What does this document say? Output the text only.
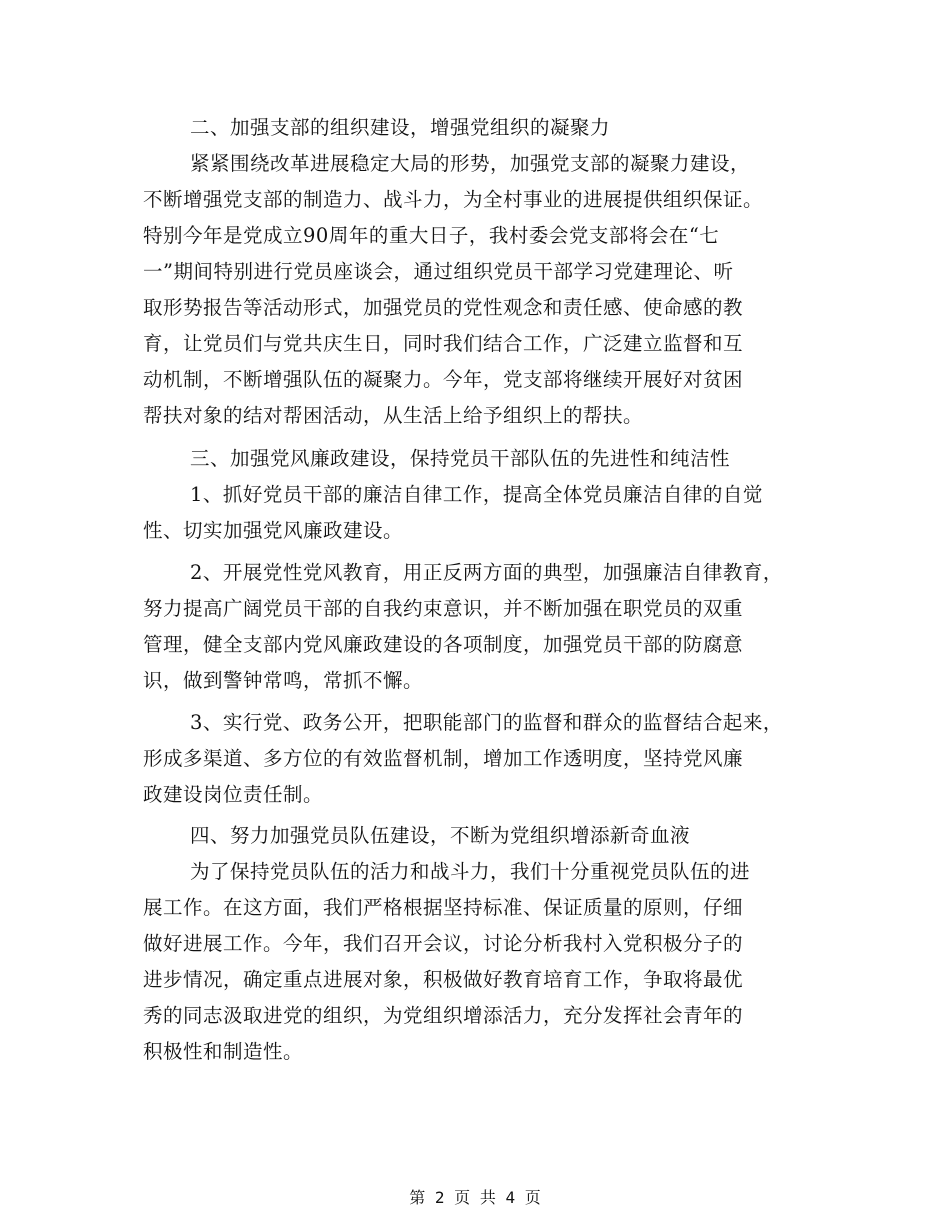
二、加强支部的组织建设，增强党组织的凝聚力
紧紧围绕改革进展稳定大局的形势，加强党支部的凝聚力建设，
不断增强党支部的制造力、战斗力，为全村事业的进展提供组织保证。
特别今年是党成立90周年的重大日子，我村委会党支部将会在“七
一”期间特别进行党员座谈会，通过组织党员干部学习党建理论、听
取形势报告等活动形式，加强党员的党性观念和责任感、使命感的教
育，让党员们与党共庆生日，同时我们结合工作，广泛建立监督和互
动机制，不断增强队伍的凝聚力。今年，党支部将继续开展好对贫困
帮扶对象的结对帮困活动，从生活上给予组织上的帮扶。
三、加强党风廉政建设，保持党员干部队伍的先进性和纯洁性
1、抓好党员干部的廉洁自律工作，提高全体党员廉洁自律的自觉
性、切实加强党风廉政建设。
2、开展党性党风教育，用正反两方面的典型，加强廉洁自律教育，
努力提高广阔党员干部的自我约束意识，并不断加强在职党员的双重
管理，健全支部内党风廉政建设的各项制度，加强党员干部的防腐意
识，做到警钟常鸣，常抓不懈。
3、实行党、政务公开，把职能部门的监督和群众的监督结合起来，
形成多渠道、多方位的有效监督机制，增加工作透明度，坚持党风廉
政建设岗位责任制。
四、努力加强党员队伍建设，不断为党组织增添新奇血液
为了保持党员队伍的活力和战斗力，我们十分重视党员队伍的进
展工作。在这方面，我们严格根据坚持标准、保证质量的原则，仔细
做好进展工作。今年，我们召开会议，讨论分析我村入党积极分子的
进步情况，确定重点进展对象，积极做好教育培育工作，争取将最优
秀的同志汲取进党的组织，为党组织增添活力，充分发挥社会青年的
积极性和制造性。
第 2 页 共 4 页
